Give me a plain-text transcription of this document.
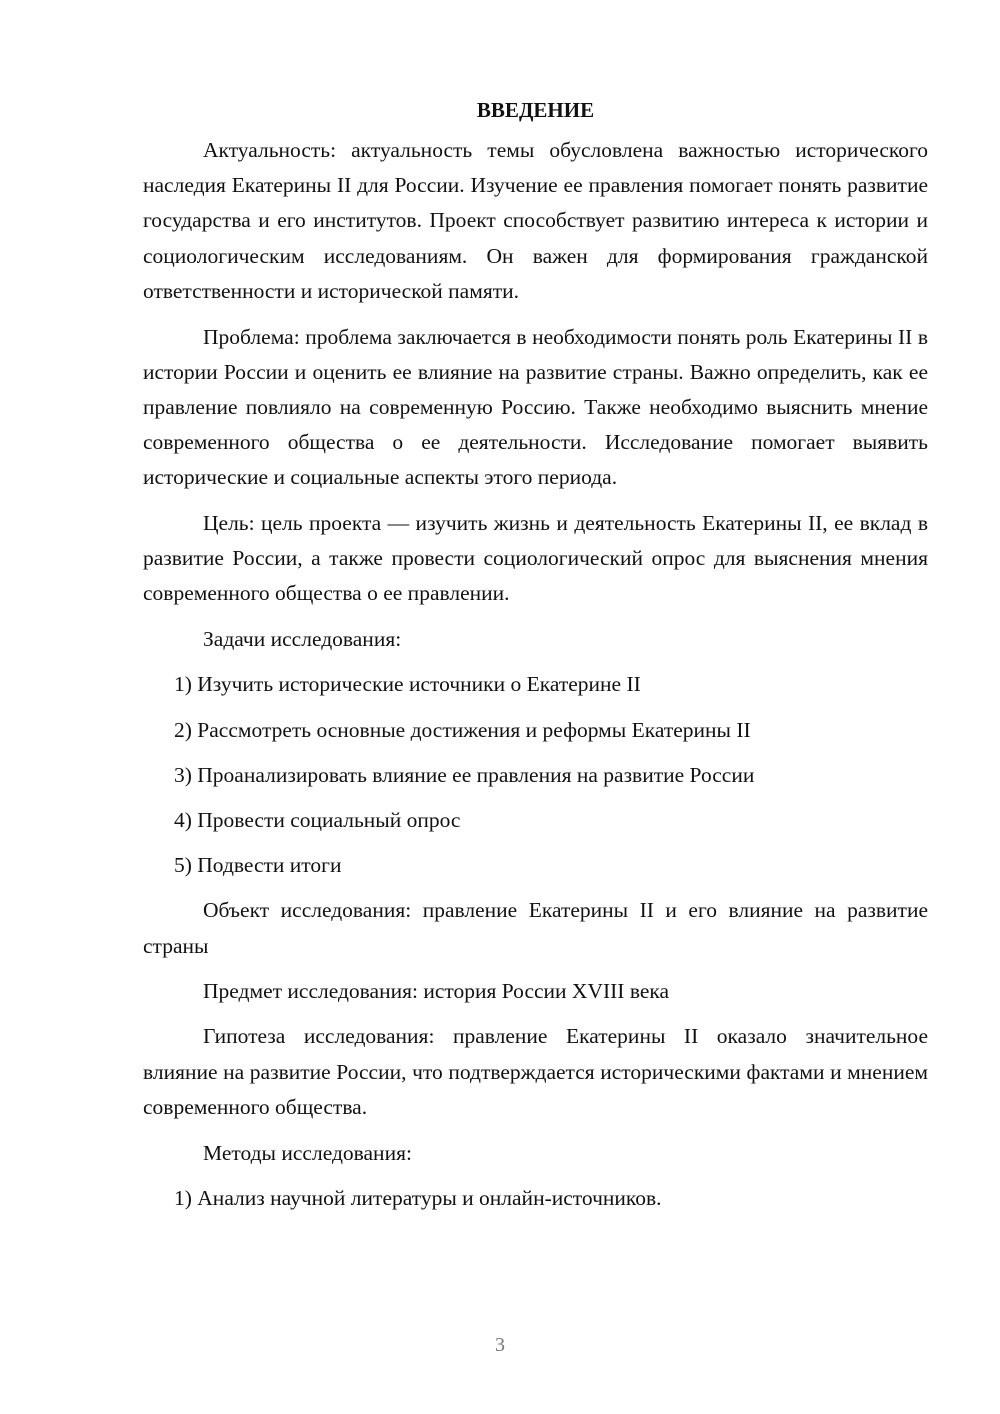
ВВЕДЕНИЕ

Актуальность: актуальность темы обусловлена важностью исторического наследия Екатерины II для России. Изучение ее правления помогает понять развитие государства и его институтов. Проект способствует развитию интереса к истории и социологическим исследованиям. Он важен для формирования гражданской ответственности и исторической памяти.

Проблема: проблема заключается в необходимости понять роль Екатерины II в истории России и оценить ее влияние на развитие страны. Важно определить, как ее правление повлияло на современную Россию. Также необходимо выяснить мнение современного общества о ее деятельности. Исследование помогает выявить исторические и социальные аспекты этого периода.

Цель: цель проекта — изучить жизнь и деятельность Екатерины II, ее вклад в развитие России, а также провести социологический опрос для выяснения мнения современного общества о ее правлении.

Задачи исследования:
1) Изучить исторические источники о Екатерине II
2) Рассмотреть основные достижения и реформы Екатерины II
3) Проанализировать влияние ее правления на развитие России
4) Провести социальный опрос
5) Подвести итоги

Объект исследования: правление Екатерины II и его влияние на развитие страны

Предмет исследования: история России XVIII века

Гипотеза исследования: правление Екатерины II оказало значительное влияние на развитие России, что подтверждается историческими фактами и мнением современного общества.

Методы исследования:
1) Анализ научной литературы и онлайн-источников.
3
